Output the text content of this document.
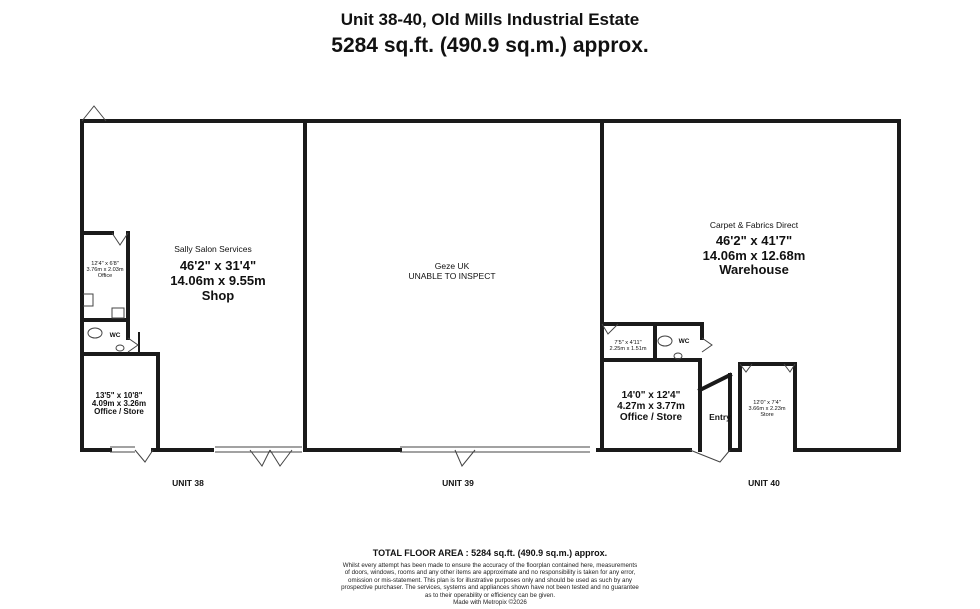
Unit 38-40, Old Mills Industrial Estate
5284 sq.ft. (490.9 sq.m.) approx.
Sally Salon Services
46'2" x 31'4"
14.06m x 9.55m
Shop
12'4" x 6'8"
3.76m x 2.03m
Office
WC
13'5" x 10'8"
4.09m x 3.26m
Office / Store
Geze UK
UNABLE TO INSPECT
Carpet & Fabrics Direct
46'2" x 41'7"
14.06m x 12.68m
Warehouse
7'5" x 4'11"
2.25m x 1.51m
WC
14'0" x 12'4"
4.27m x 3.77m
Office / Store	Entry
12'0" x 7'4"
3.66m x 2.23m
Store
UNIT 38	UNIT 39	UNIT 40
TOTAL FLOOR AREA : 5284 sq.ft. (490.9 sq.m.) approx.
Whilst every attempt has been made to ensure the accuracy of the floorplan contained here, measurements
of doors, windows, rooms and any other items are approximate and no responsibility is taken for any error,
omission or mis-statement. This plan is for illustrative purposes only and should be used as such by any
prospective purchaser. The services, systems and appliances shown have not been tested and no guarantee
as to their operability or efficiency can be given.
Made with Metropix ©2026
